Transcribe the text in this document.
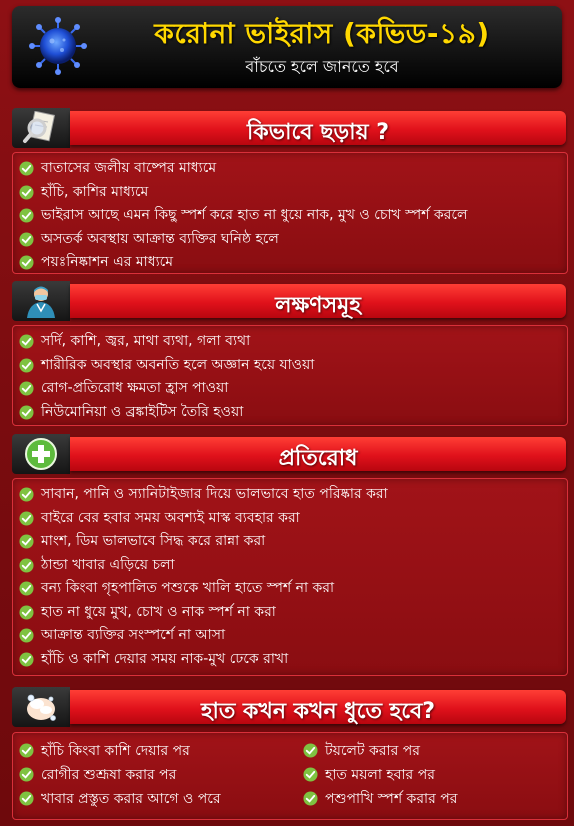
করোনা ভাইরাস (কভিড-১৯)
বাঁচতে হলে জানতে হবে
কিভাবে ছড়ায় ?
বাতাসের জলীয় বাষ্পের মাধ্যমে
হাঁচি, কাশির মাধ্যমে
ভাইরাস আছে এমন কিছু স্পর্শ করে হাত না ধুয়ে নাক, মুখ ও চোখ স্পর্শ করলে
অসতর্ক অবস্থায় আক্রান্ত ব্যক্তির ঘনিষ্ঠ হলে
পয়ঃনিষ্কাশন এর মাধ্যমে
লক্ষণসমূহ
সর্দি, কাশি, জ্বর, মাথা ব্যথা, গলা ব্যথা
শারীরিক অবস্থার অবনতি হলে অজ্ঞান হয়ে যাওয়া
রোগ-প্রতিরোধ ক্ষমতা হ্রাস পাওয়া
নিউমোনিয়া ও ব্রঙ্কাইটিস তৈরি হওয়া
প্রতিরোধ
সাবান, পানি ও স্যানিটাইজার দিয়ে ভালভাবে হাত পরিষ্কার করা
বাইরে বের হবার সময় অবশ্যই মাস্ক ব্যবহার করা
মাংশ, ডিম ভালভাবে সিদ্ধ করে রান্না করা
ঠান্ডা খাবার এড়িয়ে চলা
বন্য কিংবা গৃহপালিত পশুকে খালি হাতে স্পর্শ না করা
হাত না ধুয়ে মুখ, চোখ ও নাক স্পর্শ না করা
আক্রান্ত ব্যক্তির সংস্পর্শে না আসা
হাঁচি ও কাশি দেয়ার সময় নাক-মুখ ঢেকে রাখা
হাত কখন কখন ধুতে হবে?
হাঁচি কিংবা কাশি দেয়ার পর
রোগীর শুশ্রূষা করার পর
খাবার প্রস্তুত করার আগে ও পরে
টয়লেট করার পর
হাত ময়লা হবার পর
পশুপাখি স্পর্শ করার পর
